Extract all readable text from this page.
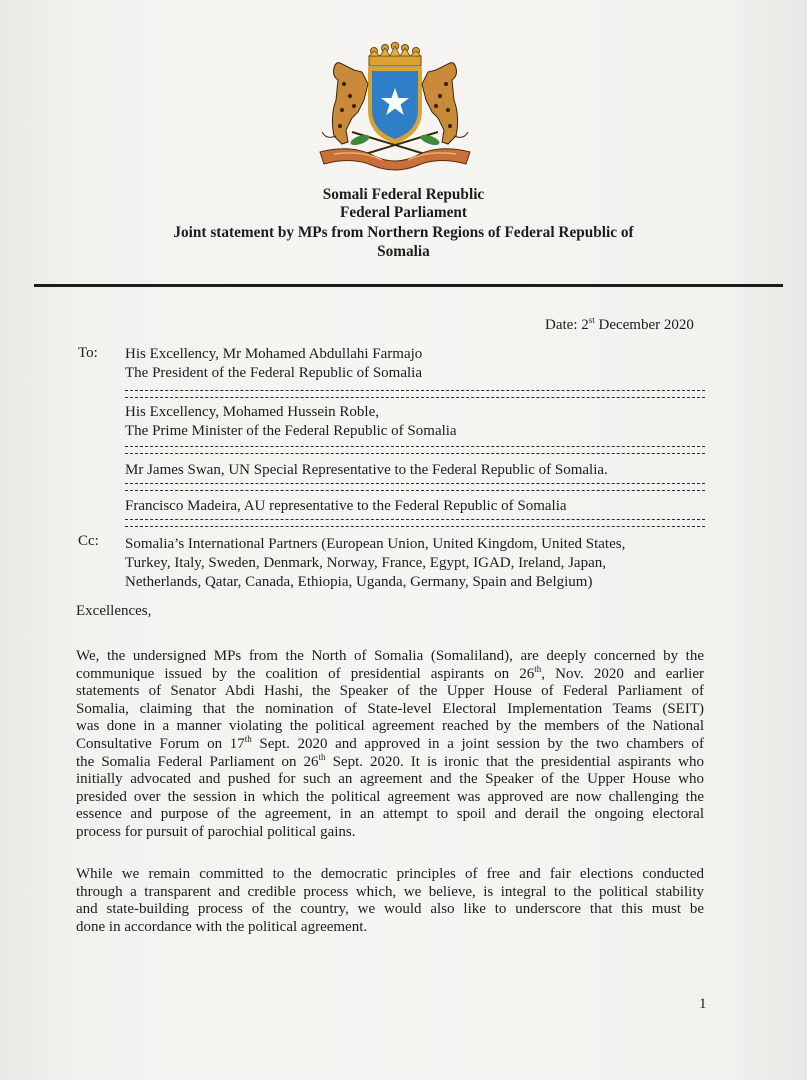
Somali Federal Republic
Federal Parliament
Joint statement by MPs from Northern Regions of Federal Republic of
Somalia
Date: 2st December 2020
To: His Excellency, Mr Mohamed Abdullahi Farmajo
The President of the Federal Republic of Somalia
His Excellency, Mohamed Hussein Roble,
The Prime Minister of the Federal Republic of Somalia
Mr James Swan, UN Special Representative to the Federal Republic of Somalia.
Francisco Madeira, AU representative to the Federal Republic of Somalia
Cc: Somalia’s International Partners (European Union, United Kingdom, United States,
Turkey, Italy, Sweden, Denmark, Norway, France, Egypt, IGAD, Ireland, Japan,
Netherlands, Qatar, Canada, Ethiopia, Uganda, Germany, Spain and Belgium)
Excellences,
We, the undersigned MPs from the North of Somalia (Somaliland), are deeply concerned by the
communique issued by the coalition of presidential aspirants on 26th, Nov. 2020 and earlier
statements of Senator Abdi Hashi, the Speaker of the Upper House of Federal Parliament of
Somalia, claiming that the nomination of State-level Electoral Implementation Teams (SEIT)
was done in a manner violating the political agreement reached by the members of the National
Consultative Forum on 17th Sept. 2020 and approved in a joint session by the two chambers of
the Somalia Federal Parliament on 26th Sept. 2020. It is ironic that the presidential aspirants who
initially advocated and pushed for such an agreement and the Speaker of the Upper House who
presided over the session in which the political agreement was approved are now challenging the
essence and purpose of the agreement, in an attempt to spoil and derail the ongoing electoral
process for pursuit of parochial political gains.
While we remain committed to the democratic principles of free and fair elections conducted
through a transparent and credible process which, we believe, is integral to the political stability
and state-building process of the country, we would also like to underscore that this must be
done in accordance with the political agreement.
1
